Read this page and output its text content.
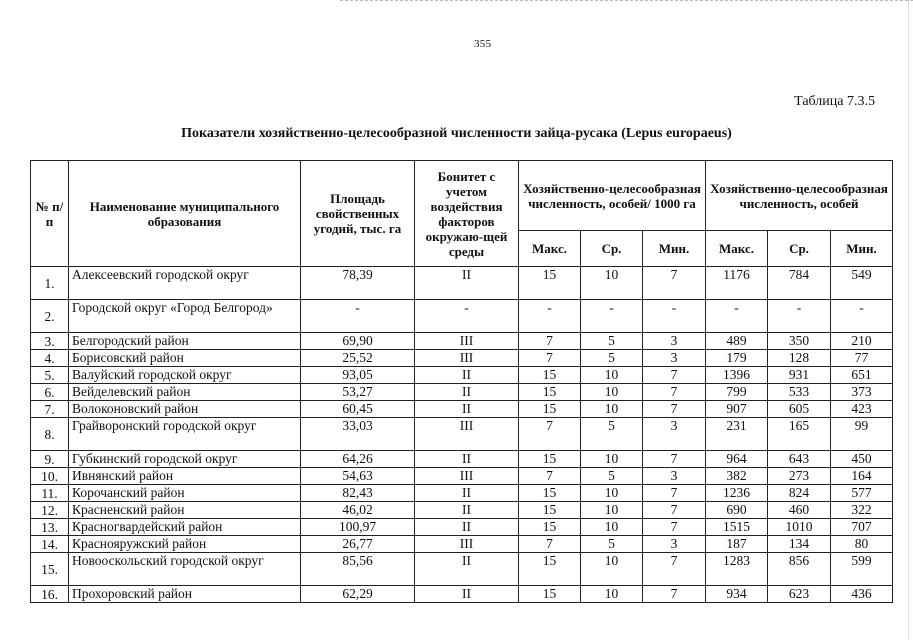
355
Таблица 7.3.5
Показатели хозяйственно-целесообразной численности зайца-русака (Lepus europaeus)
№ п/п	Наименование муниципального образования	Площадь свойственных угодий, тыс. га	Бонитет с учетом воздействия факторов окружаю-щей среды	Хозяйственно-целесообразная численность, особей/ 1000 га			Хозяйственно-целесообразная численность, особей		
				Макс.	Ср.	Мин.	Макс.	Ср.	Мин.
1.	Алексеевский городской округ	78,39	II	15	10	7	1176	784	549
2.	Городской округ «Город Белгород»	-	-	-	-	-	-	-	-
3.	Белгородский район	69,90	III	7	5	3	489	350	210
4.	Борисовский район	25,52	III	7	5	3	179	128	77
5.	Валуйский городской округ	93,05	II	15	10	7	1396	931	651
6.	Вейделевский район	53,27	II	15	10	7	799	533	373
7.	Волоконовский район	60,45	II	15	10	7	907	605	423
8.	Грайворонский городской округ	33,03	III	7	5	3	231	165	99
9.	Губкинский городской округ	64,26	II	15	10	7	964	643	450
10.	Ивнянский район	54,63	III	7	5	3	382	273	164
11.	Корочанский район	82,43	II	15	10	7	1236	824	577
12.	Красненский район	46,02	II	15	10	7	690	460	322
13.	Красногвардейский район	100,97	II	15	10	7	1515	1010	707
14.	Краснояружский район	26,77	III	7	5	3	187	134	80
15.	Новооскольский городской округ	85,56	II	15	10	7	1283	856	599
16.	Прохоровский район	62,29	II	15	10	7	934	623	436
